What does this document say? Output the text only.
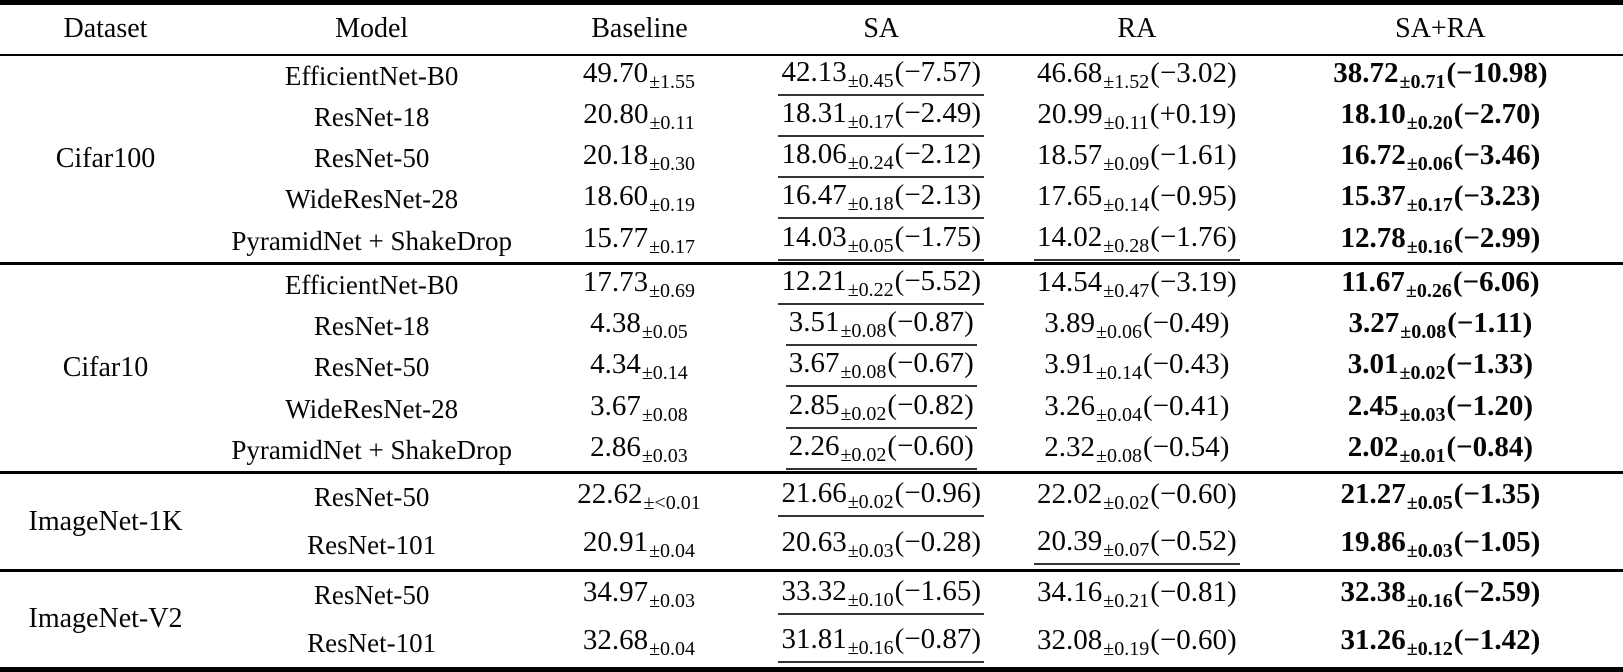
Dataset	Model	Baseline	SA	RA	SA+RA
Cifar100	EfficientNet-B0	$49.70_{\pm 1.55}$	$42.13_{\pm 0.45}(-7.57)$	$46.68_{\pm 1.52}(-3.02)$	$38.72_{\pm 0.71}(-10.98)$
	ResNet-18	$20.80_{\pm 0.11}$	$18.31_{\pm 0.17}(-2.49)$	$20.99_{\pm 0.11}(+0.19)$	$18.10_{\pm 0.20}(-2.70)$
	ResNet-50	$20.18_{\pm 0.30}$	$18.06_{\pm 0.24}(-2.12)$	$18.57_{\pm 0.09}(-1.61)$	$16.72_{\pm 0.06}(-3.46)$
	WideResNet-28	$18.60_{\pm 0.19}$	$16.47_{\pm 0.18}(-2.13)$	$17.65_{\pm 0.14}(-0.95)$	$15.37_{\pm 0.17}(-3.23)$
	PyramidNet + ShakeDrop	$15.77_{\pm 0.17}$	$14.03_{\pm 0.05}(-1.75)$	$14.02_{\pm 0.28}(-1.76)$	$12.78_{\pm 0.16}(-2.99)$
Cifar10	EfficientNet-B0	$17.73_{\pm 0.69}$	$12.21_{\pm 0.22}(-5.52)$	$14.54_{\pm 0.47}(-3.19)$	$11.67_{\pm 0.26}(-6.06)$
	ResNet-18	$4.38_{\pm 0.05}$	$3.51_{\pm 0.08}(-0.87)$	$3.89_{\pm 0.06}(-0.49)$	$3.27_{\pm 0.08}(-1.11)$
	ResNet-50	$4.34_{\pm 0.14}$	$3.67_{\pm 0.08}(-0.67)$	$3.91_{\pm 0.14}(-0.43)$	$3.01_{\pm 0.02}(-1.33)$
	WideResNet-28	$3.67_{\pm 0.08}$	$2.85_{\pm 0.02}(-0.82)$	$3.26_{\pm 0.04}(-0.41)$	$2.45_{\pm 0.03}(-1.20)$
	PyramidNet + ShakeDrop	$2.86_{\pm 0.03}$	$2.26_{\pm 0.02}(-0.60)$	$2.32_{\pm 0.08}(-0.54)$	$2.02_{\pm 0.01}(-0.84)$
ImageNet-1K	ResNet-50	$22.62_{\pm<0.01}$	$21.66_{\pm 0.02}(-0.96)$	$22.02_{\pm 0.02}(-0.60)$	$21.27_{\pm 0.05}(-1.35)$
	ResNet-101	$20.91_{\pm 0.04}$	$20.63_{\pm 0.03}(-0.28)$	$20.39_{\pm 0.07}(-0.52)$	$19.86_{\pm 0.03}(-1.05)$
ImageNet-V2	ResNet-50	$34.97_{\pm 0.03}$	$33.32_{\pm 0.10}(-1.65)$	$34.16_{\pm 0.21}(-0.81)$	$32.38_{\pm 0.16}(-2.59)$
	ResNet-101	$32.68_{\pm 0.04}$	$31.81_{\pm 0.16}(-0.87)$	$32.08_{\pm 0.19}(-0.60)$	$31.26_{\pm 0.12}(-1.42)$
